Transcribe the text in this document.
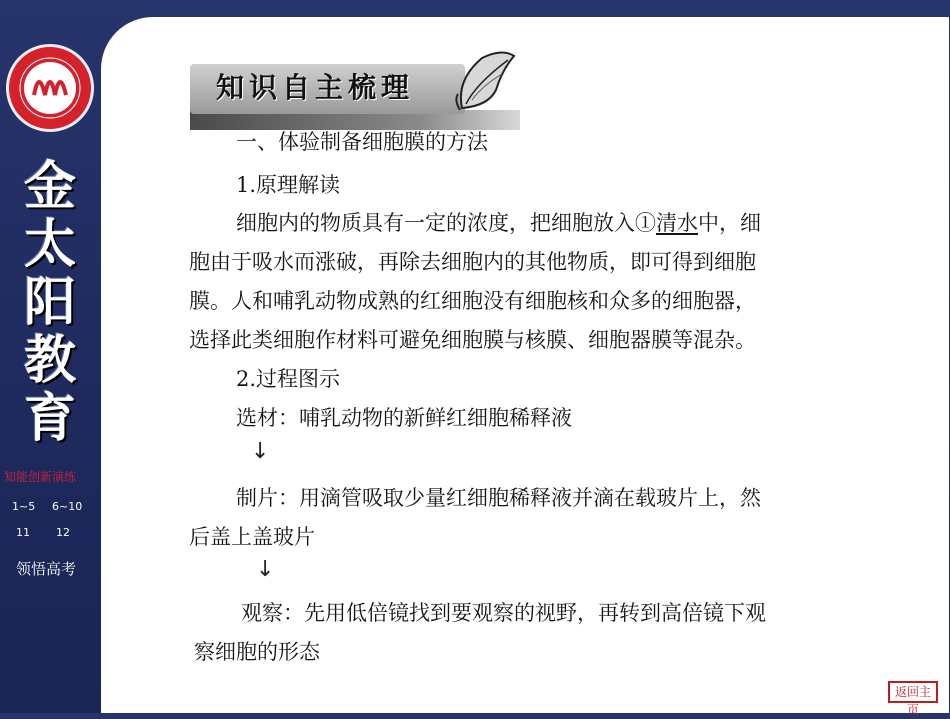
金
太
阳
教
育
知能创新演练
1~5 6~10
11 12
领悟高考
知识自主梳理
一、体验制备细胞膜的方法
1.原理解读
细胞内的物质具有一定的浓度，把细胞放入①清水中，细
胞由于吸水而涨破，再除去细胞内的其他物质，即可得到细胞
膜。人和哺乳动物成熟的红细胞没有细胞核和众多的细胞器，
选择此类细胞作材料可避免细胞膜与核膜、细胞器膜等混杂。
2.过程图示
选材：哺乳动物的新鲜红细胞稀释液
↓
制片：用滴管吸取少量红细胞稀释液并滴在载玻片上，然
后盖上盖玻片
↓
观察：先用低倍镜找到要观察的视野，再转到高倍镜下观
察细胞的形态
返回主页
